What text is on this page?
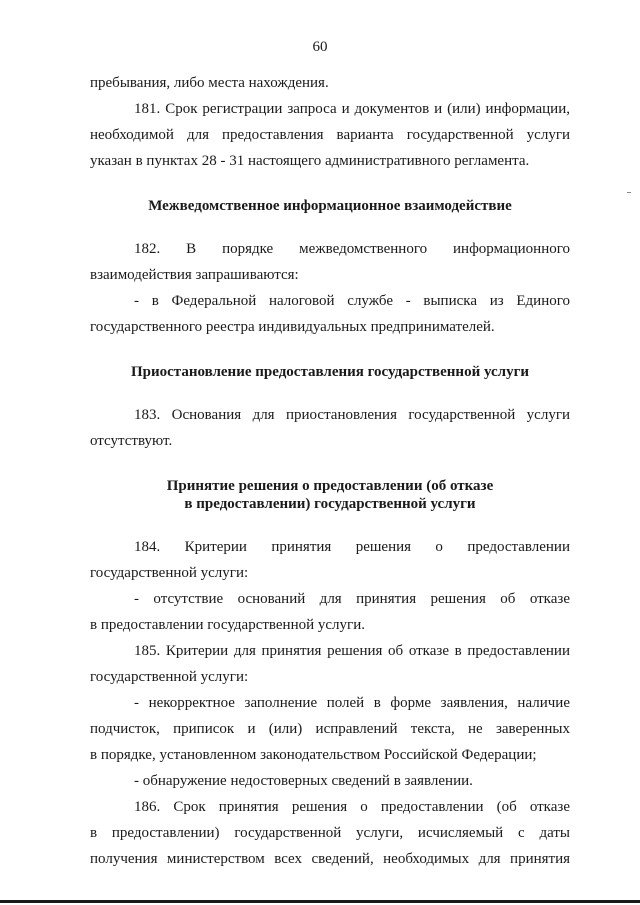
60

пребывания, либо места нахождения.

181. Срок регистрации запроса и документов и (или) информации,

необходимой для предоставления варианта государственной услуги

указан в пунктах 28 - 31 настоящего административного регламента.

Межведомственное информационное взаимодействие

182. В порядке межведомственного информационного

взаимодействия запрашиваются:

- в Федеральной налоговой службе - выписка из Единого

государственного реестра индивидуальных предпринимателей.

Приостановление предоставления государственной услуги

183. Основания для приостановления государственной услуги

отсутствуют.

Принятие решения о предоставлении (об отказе

в предоставлении) государственной услуги

184. Критерии принятия решения о предоставлении

государственной услуги:

- отсутствие оснований для принятия решения об отказе

в предоставлении государственной услуги.

185. Критерии для принятия решения об отказе в предоставлении

государственной услуги:

- некорректное заполнение полей в форме заявления, наличие

подчисток, приписок и (или) исправлений текста, не заверенных

в порядке, установленном законодательством Российской Федерации;

- обнаружение недостоверных сведений в заявлении.

186. Срок принятия решения о предоставлении (об отказе

в предоставлении) государственной услуги, исчисляемый с даты

получения министерством всех сведений, необходимых для принятия
